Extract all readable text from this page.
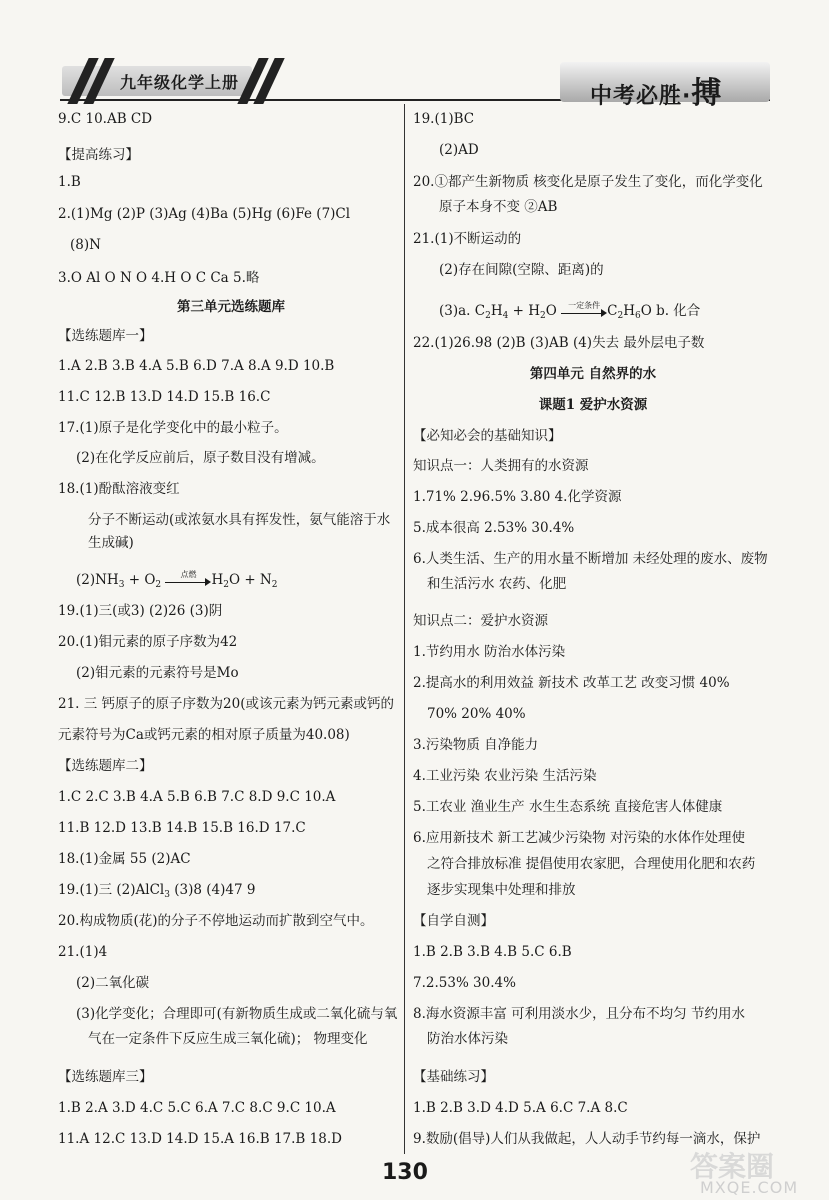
九年级化学上册
中考必胜·搏
9.C 10.AB CD
【提高练习】
1.B
2.(1)Mg (2)P (3)Ag (4)Ba (5)Hg (6)Fe (7)Cl
(8)N
3.O Al O N O 4.H O C Ca 5.略
第三单元选练题库
【选练题库一】
1.A 2.B 3.B 4.A 5.B 6.D 7.A 8.A 9.D 10.B
11.C 12.B 13.D 14.D 15.B 16.C
17.(1)原子是化学变化中的最小粒子。
(2)在化学反应前后，原子数目没有增减。
18.(1)酚酞溶液变红
分子不断运动(或浓氨水具有挥发性，氨气能溶于水
生成碱)
$(2)NH_3 + O_2$
点燃	$H_2O + N_2$
19.(1)三(或3) (2)26 (3)阴
20.(1)钼元素的原子序数为42
(2)钼元素的元素符号是Mo
21. 三 钙原子的原子序数为20(或该元素为钙元素或钙的
元素符号为Ca或钙元素的相对原子质量为40.08)
【选练题库二】
1.C 2.C 3.B 4.A 5.B 6.B 7.C 8.D 9.C 10.A
11.B 12.D 13.B 14.B 15.B 16.D 17.C
18.(1)金属 55 (2)AC
19.(1)三 (2)AlCl$_3$ (3)8 (4)47 9
20.构成物质(花)的分子不停地运动而扩散到空气中。
21.(1)4
(2)二氧化碳
(3)化学变化；合理即可(有新物质生成或二氧化硫与氧
气在一定条件下反应生成三氧化硫)； 物理变化
【选练题库三】
1.B 2.A 3.D 4.C 5.C 6.A 7.C 8.C 9.C 10.A
11.A 12.C 13.D 14.D 15.A 16.B 17.B 18.D
19.(1)BC
(2)AD
20.①都产生新物质 核变化是原子发生了变化，而化学变化
原子本身不变 ②AB
21.(1)不断运动的
(2)存在间隙(空隙、距离)的
(3)a. $C_2H_4 + H_2O$	一定条件 $C_2H_6O$ b. 化合
22.(1)26.98 (2)B (3)AB (4)失去 最外层电子数
第四单元 自然界的水
课题1 爱护水资源
【必知必会的基础知识】
知识点一：人类拥有的水资源
1.71% 2.96.5% 3.80 4.化学资源
5.成本很高 2.53% 30.4%
6.人类生活、生产的用水量不断增加 未经处理的废水、废物
和生活污水 农药、化肥
知识点二：爱护水资源
1.节约用水 防治水体污染
2.提高水的利用效益 新技术 改革工艺 改变习惯 40%
70% 20% 40%
3.污染物质 自净能力
4.工业污染 农业污染 生活污染
5.工农业 渔业生产 水生生态系统 直接危害人体健康
6.应用新技术 新工艺减少污染物 对污染的水体作处理使
之符合排放标准 提倡使用农家肥，合理使用化肥和农药
逐步实现集中处理和排放
【自学自测】
1.B 2.B 3.B 4.B 5.C 6.B
7.2.53% 30.4%
8.海水资源丰富 可利用淡水少，且分布不均匀 节约用水
防治水体污染
【基础练习】
1.B 2.B 3.D 4.D 5.A 6.C 7.A 8.C
9.数励(倡导)人们从我做起，人人动手节约每一滴水，保护
130	答案圈
MXQE.COM
